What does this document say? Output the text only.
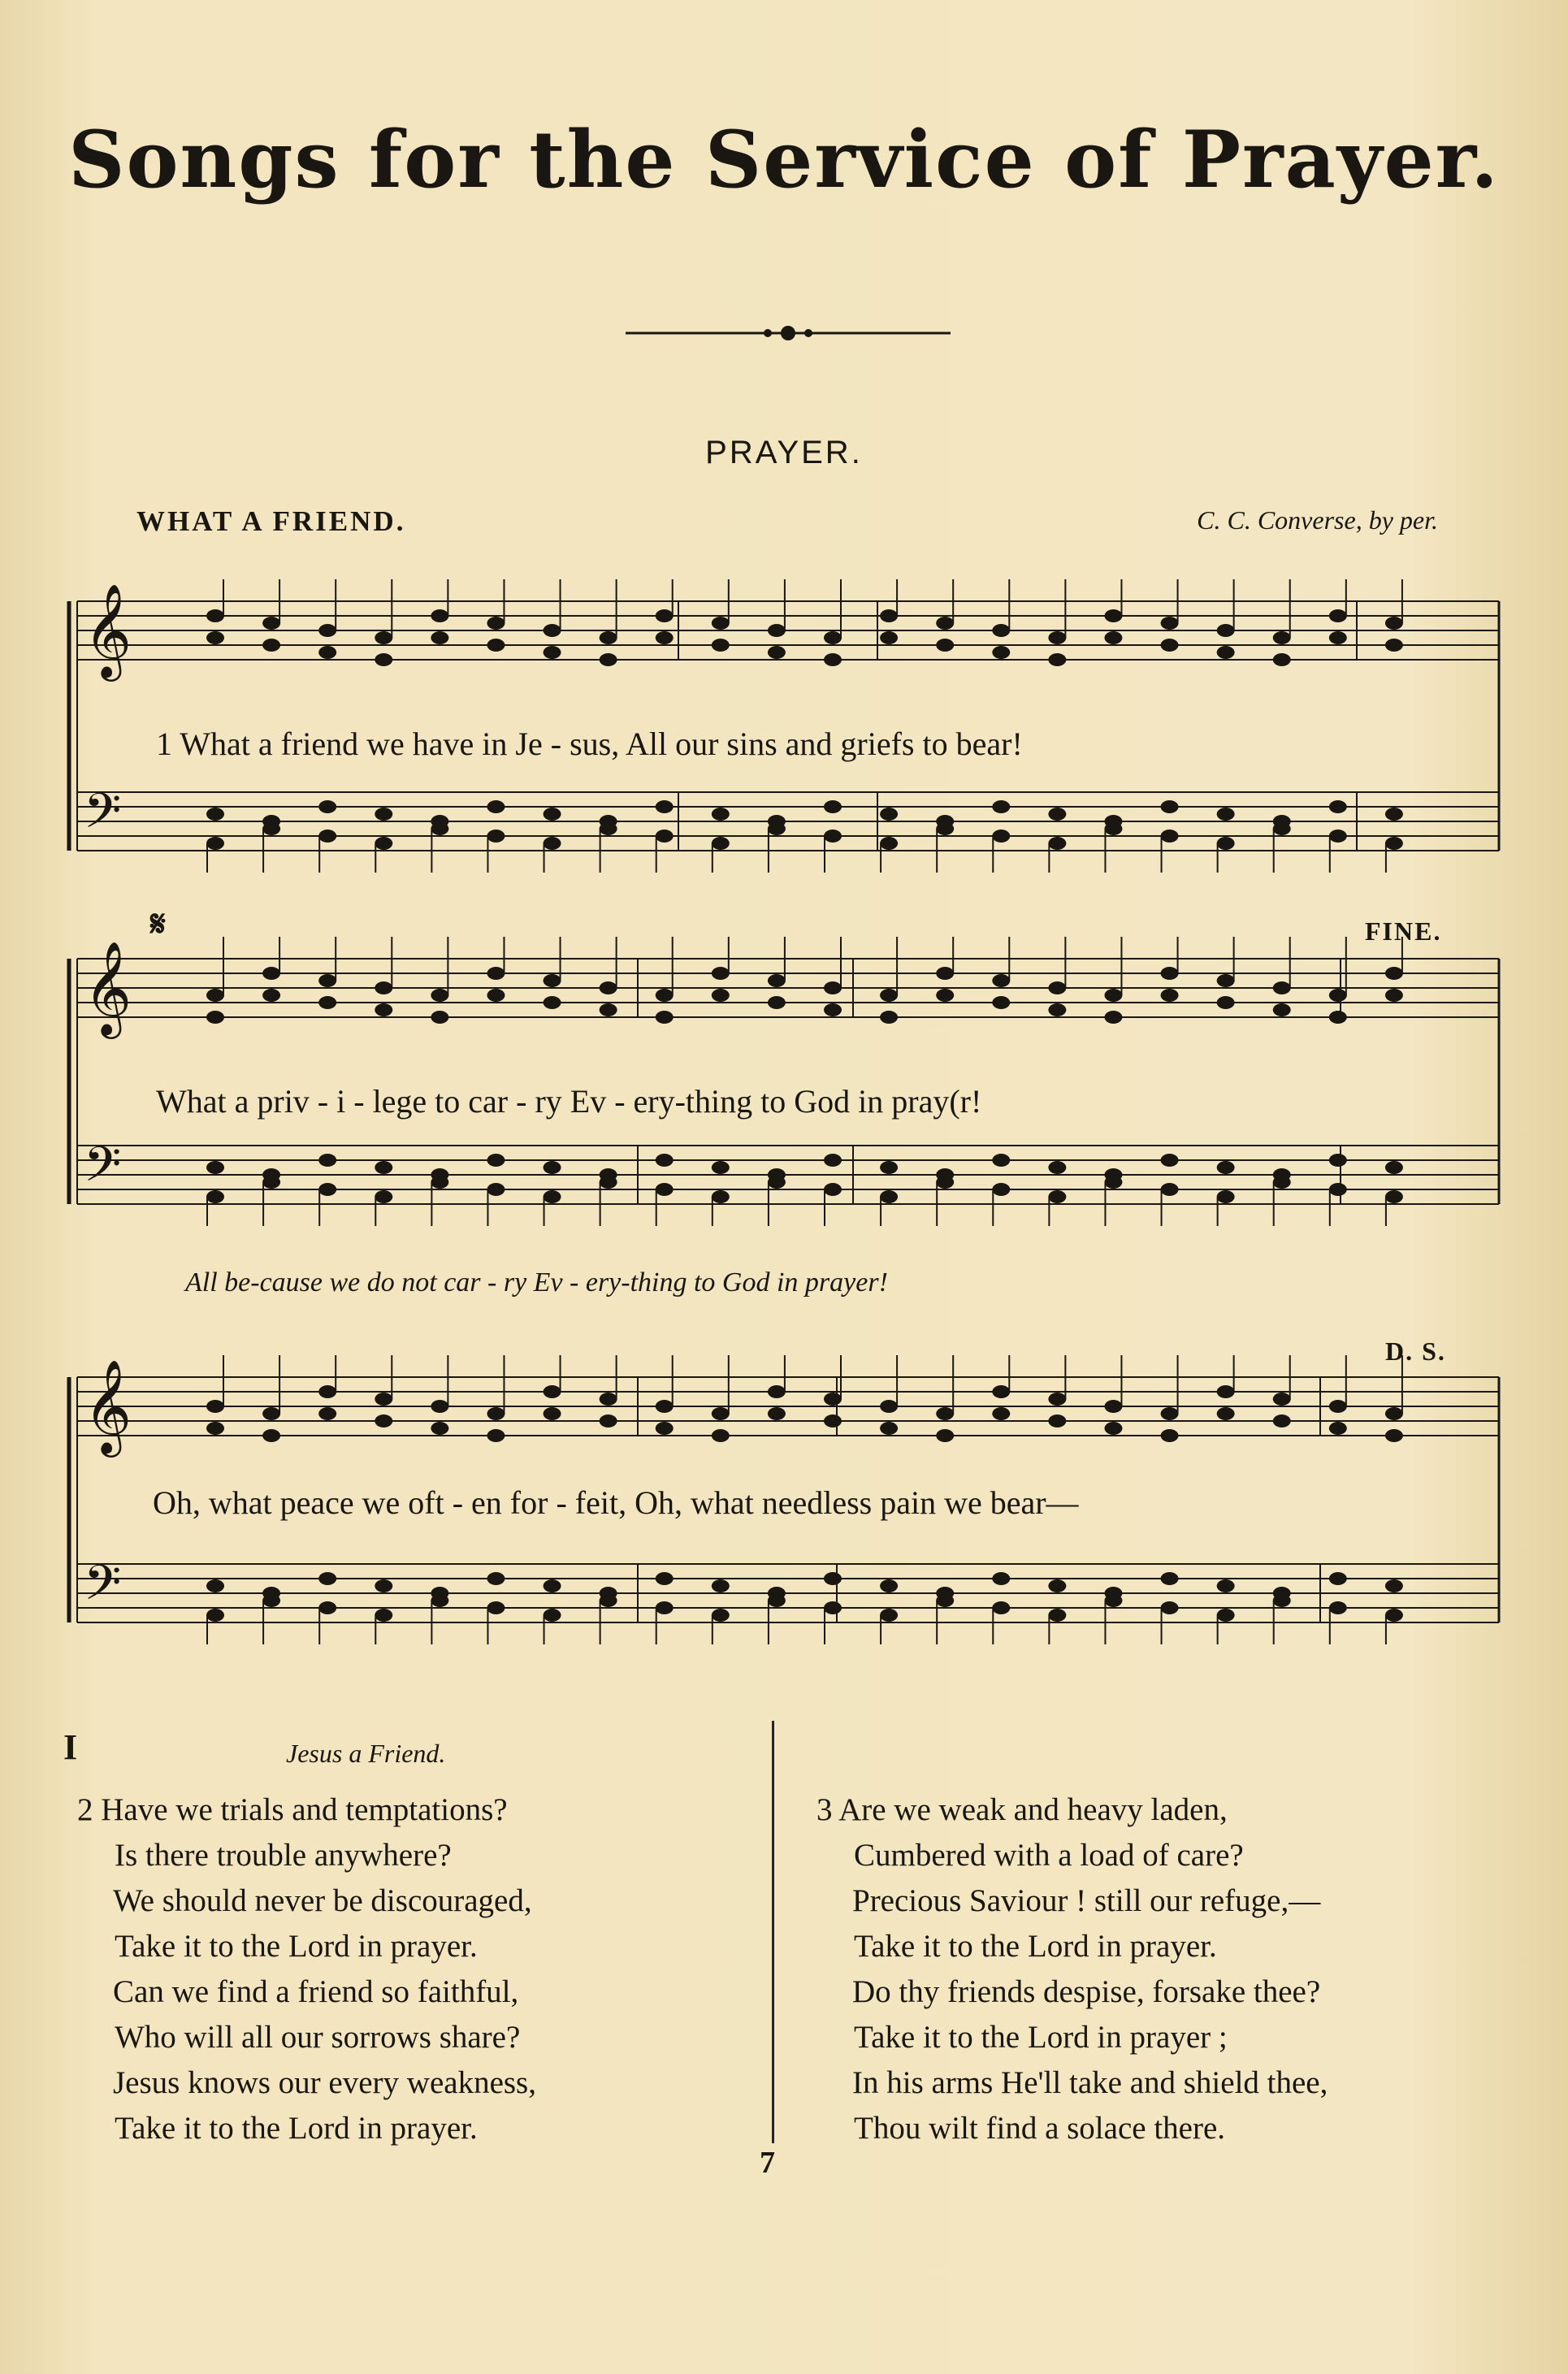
Songs for the Service of Prayer.
PRAYER.
WHAT A FRIEND.	C. C. Converse, by per.
𝄞
𝄢
𝄞
𝄢
𝄞
𝄢
1 What a friend we have in Je - sus, All our sins and griefs to bear!
What a priv - i - lege to car - ry Ev - ery-thing to God in pray(r!
All be-cause we do not car - ry Ev - ery-thing to God in prayer!
Oh, what peace we oft - en for - feit, Oh, what needless pain we bear—
FINE.
D. S.
𝄋
I	Jesus a Friend.
2 Have we trials and temptations?
Is there trouble anywhere?
We should never be discouraged,
Take it to the Lord in prayer.
Can we find a friend so faithful,
Who will all our sorrows share?
Jesus knows our every weakness,
Take it to the Lord in prayer.
3 Are we weak and heavy laden,
Cumbered with a load of care?
Precious Saviour ! still our refuge,—
Take it to the Lord in prayer.
Do thy friends despise, forsake thee?
Take it to the Lord in prayer ;
In his arms He'll take and shield thee,
Thou wilt find a solace there.
7
